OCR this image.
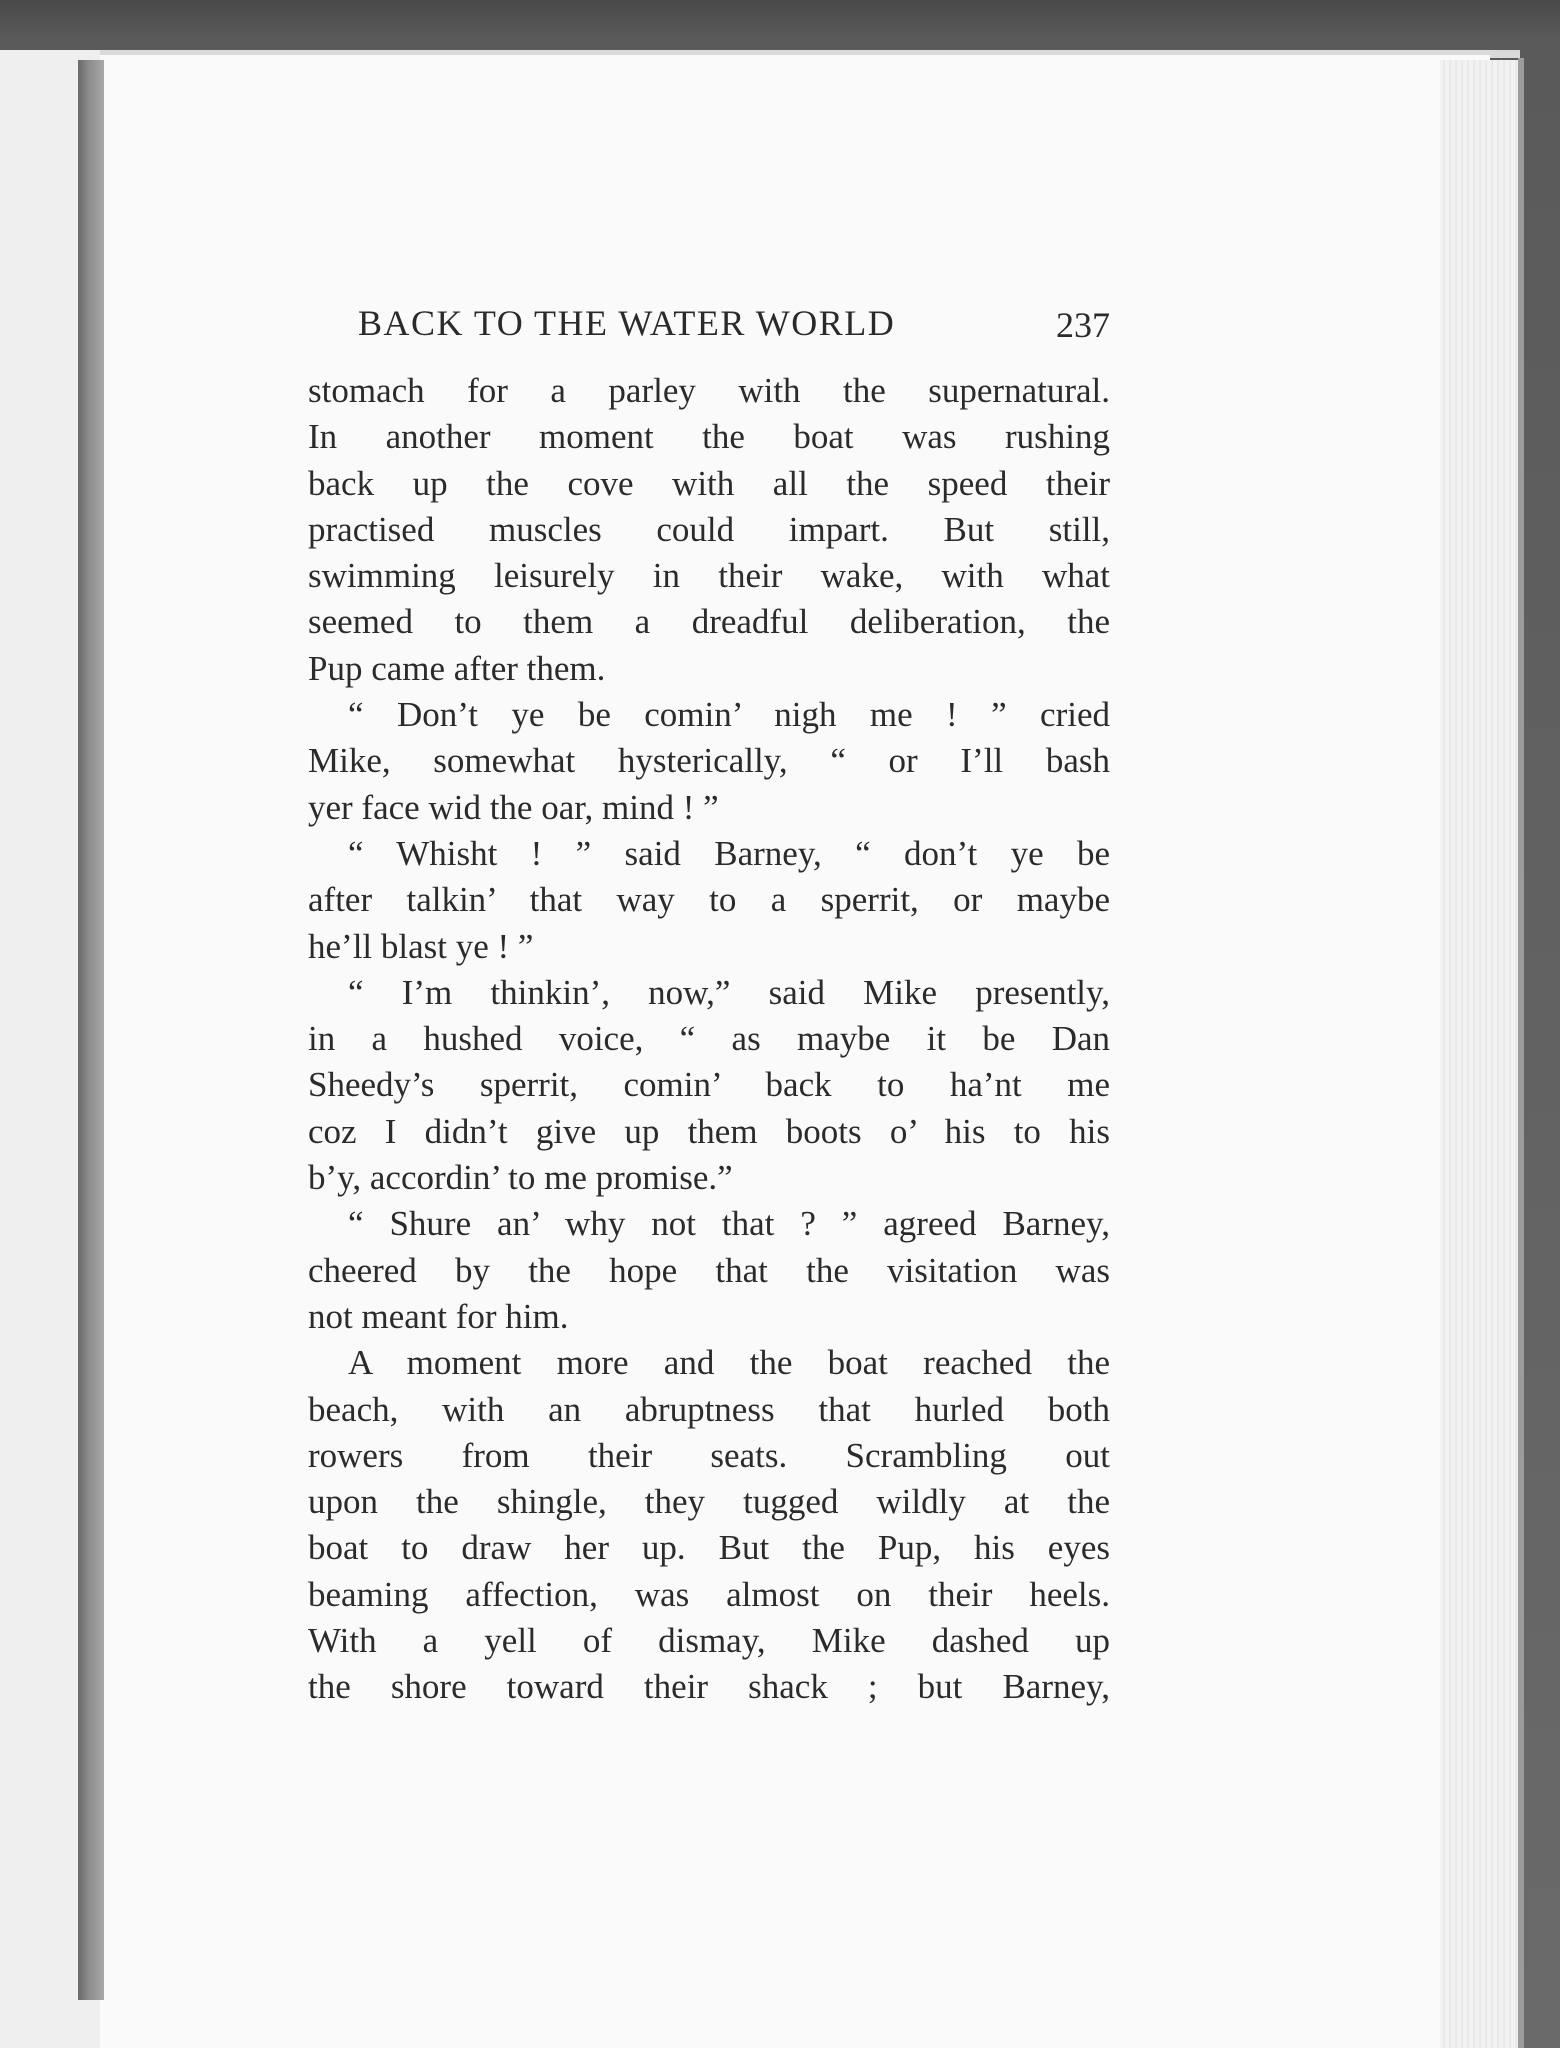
BACK TO THE WATER WORLD	237
stomach for a parley with the supernatural.
In another moment the boat was rushing
back up the cove with all the speed their
practised muscles could impart. But still,
swimming leisurely in their wake, with what
seemed to them a dreadful deliberation, the
Pup came after them.
“ Don’t ye be comin’ nigh me ! ” cried
Mike, somewhat hysterically, “ or I’ll bash
yer face wid the oar, mind ! ”
“ Whisht ! ” said Barney, “ don’t ye be
after talkin’ that way to a sperrit, or maybe
he’ll blast ye ! ”
“ I’m thinkin’, now,” said Mike presently,
in a hushed voice, “ as maybe it be Dan
Sheedy’s sperrit, comin’ back to ha’nt me
coz I didn’t give up them boots o’ his to his
b’y, accordin’ to me promise.”
“ Shure an’ why not that ? ” agreed Barney,
cheered by the hope that the visitation was
not meant for him.
A moment more and the boat reached the
beach, with an abruptness that hurled both
rowers from their seats. Scrambling out
upon the shingle, they tugged wildly at the
boat to draw her up. But the Pup, his eyes
beaming affection, was almost on their heels.
With a yell of dismay, Mike dashed up
the shore toward their shack ; but Barney,
